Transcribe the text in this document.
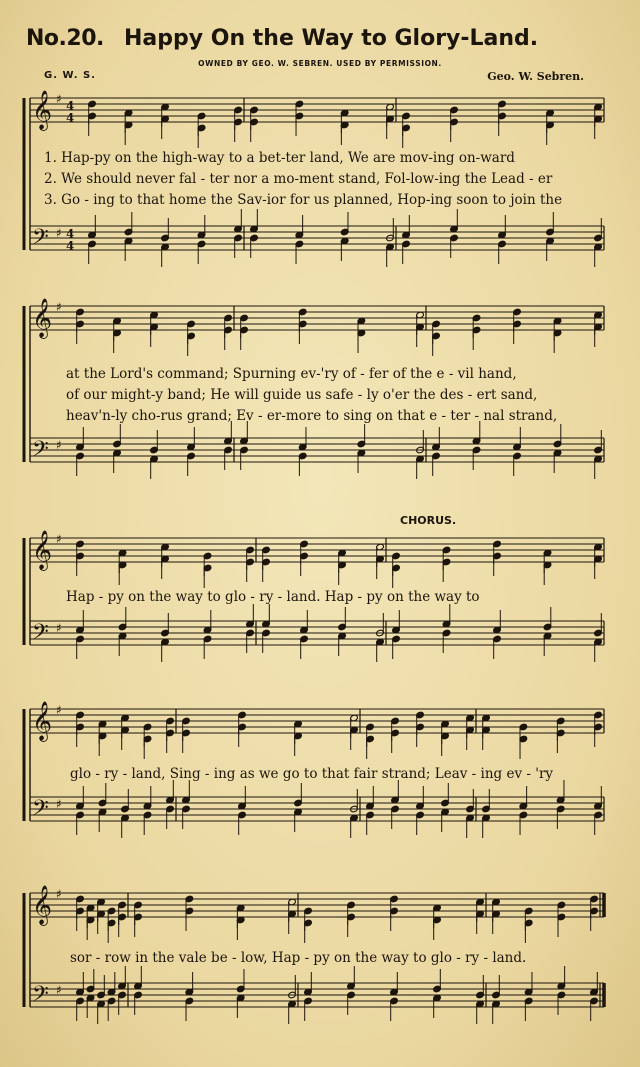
No.20. Happy On the Way to Glory-Land.
OWNED BY GEO. W. SEBREN. USED BY PERMISSION.
G. W. S.	Geo. W. Sebren.
𝄞
𝄢
♯
♯
4
4
4
4
𝄞
𝄢
♯
♯
𝄞
𝄢
♯
♯
𝄞
𝄢
♯
♯
𝄞
𝄢
♯
♯
1. Hap-py on the high-way to a bet-ter land, We are mov-ing on-ward
2. We should never fal - ter nor a mo-ment stand, Fol-low-ing the Lead - er
3. Go - ing to that home the Sav-ior for us planned, Hop-ing soon to join the
at the Lord's command; Spurning ev-'ry of - fer of the e - vil hand,
of our might-y band; He will guide us safe - ly o'er the des - ert sand,
heav'n-ly cho-rus grand; Ev - er-more to sing on that e - ter - nal strand,
CHORUS.
Hap - py on the way to glo - ry - land. Hap - py on the way to
glo - ry - land, Sing - ing as we go to that fair strand; Leav - ing ev - 'ry
sor - row in the vale be - low, Hap - py on the way to glo - ry - land.
